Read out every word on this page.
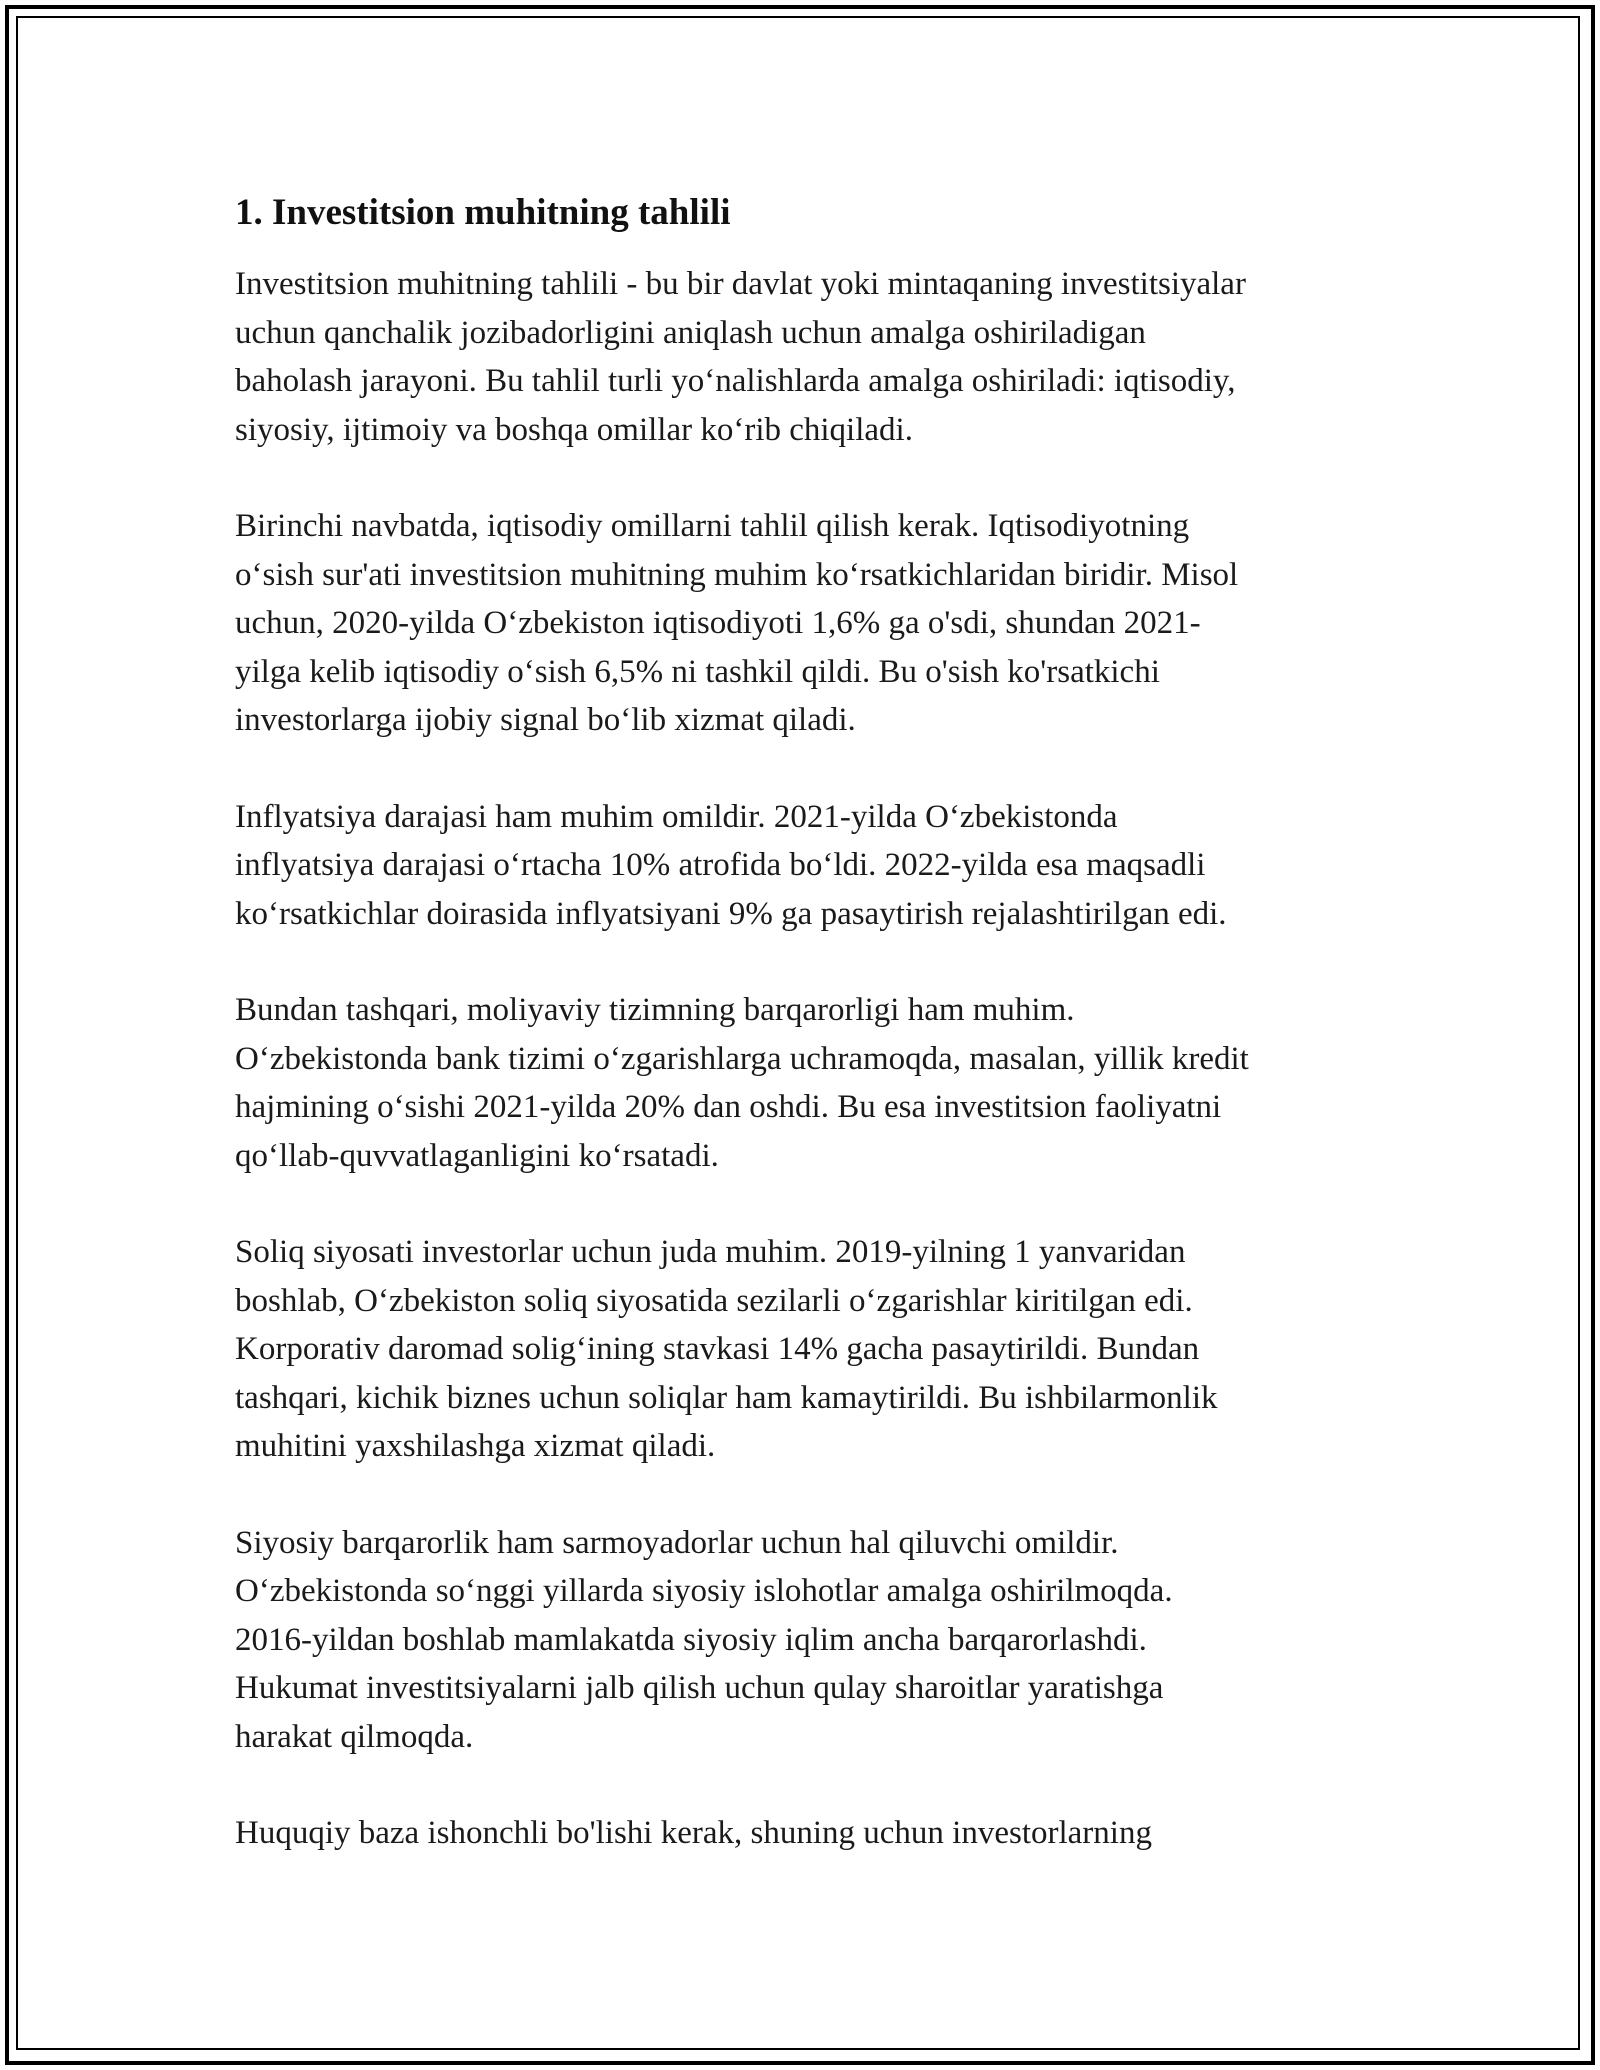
1. Investitsion muhitning tahlili

Investitsion muhitning tahlili - bu bir davlat yoki mintaqaning investitsiyalar
uchun qanchalik jozibadorligini aniqlash uchun amalga oshiriladigan
baholash jarayoni. Bu tahlil turli yo‘nalishlarda amalga oshiriladi: iqtisodiy,
siyosiy, ijtimoiy va boshqa omillar ko‘rib chiqiladi.

Birinchi navbatda, iqtisodiy omillarni tahlil qilish kerak. Iqtisodiyotning
o‘sish sur'ati investitsion muhitning muhim ko‘rsatkichlaridan biridir. Misol
uchun, 2020-yilda O‘zbekiston iqtisodiyoti 1,6% ga o'sdi, shundan 2021-
yilga kelib iqtisodiy o‘sish 6,5% ni tashkil qildi. Bu o'sish ko'rsatkichi
investorlarga ijobiy signal bo‘lib xizmat qiladi.

Inflyatsiya darajasi ham muhim omildir. 2021-yilda O‘zbekistonda
inflyatsiya darajasi o‘rtacha 10% atrofida bo‘ldi. 2022-yilda esa maqsadli
ko‘rsatkichlar doirasida inflyatsiyani 9% ga pasaytirish rejalashtirilgan edi.

Bundan tashqari, moliyaviy tizimning barqarorligi ham muhim.
O‘zbekistonda bank tizimi o‘zgarishlarga uchramoqda, masalan, yillik kredit
hajmining o‘sishi 2021-yilda 20% dan oshdi. Bu esa investitsion faoliyatni
qo‘llab-quvvatlaganligini ko‘rsatadi.

Soliq siyosati investorlar uchun juda muhim. 2019-yilning 1 yanvaridan
boshlab, O‘zbekiston soliq siyosatida sezilarli o‘zgarishlar kiritilgan edi.
Korporativ daromad solig‘ining stavkasi 14% gacha pasaytirildi. Bundan
tashqari, kichik biznes uchun soliqlar ham kamaytirildi. Bu ishbilarmonlik
muhitini yaxshilashga xizmat qiladi.

Siyosiy barqarorlik ham sarmoyadorlar uchun hal qiluvchi omildir.
O‘zbekistonda so‘nggi yillarda siyosiy islohotlar amalga oshirilmoqda.
2016-yildan boshlab mamlakatda siyosiy iqlim ancha barqarorlashdi.
Hukumat investitsiyalarni jalb qilish uchun qulay sharoitlar yaratishga
harakat qilmoqda.

Huquqiy baza ishonchli bo'lishi kerak, shuning uchun investorlarning
